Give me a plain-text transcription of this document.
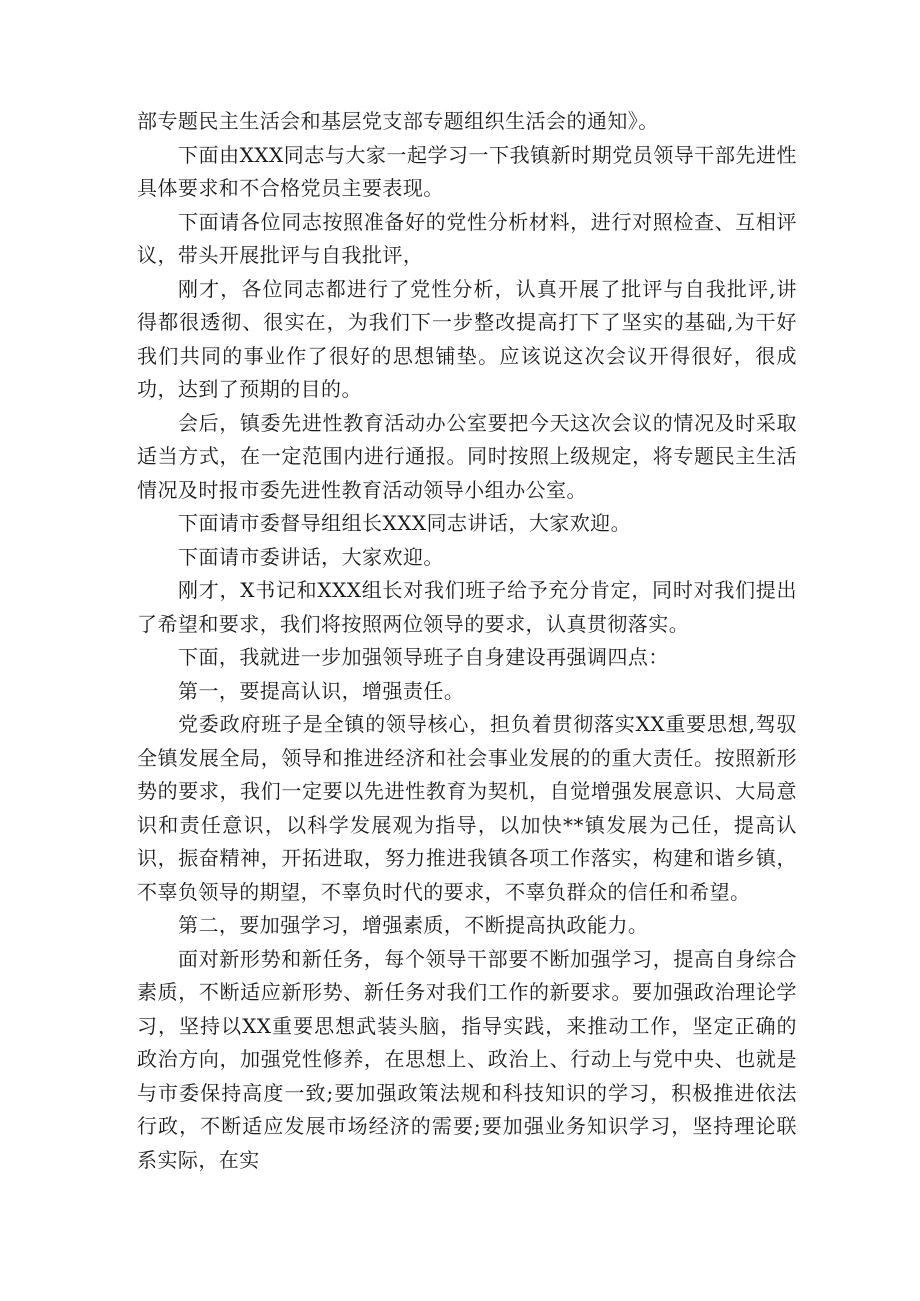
部专题民主生活会和基层党支部专题组织生活会的通知》。

下面由XXX同志与大家一起学习一下我镇新时期党员领导干部先进性具体要求和不合格党员主要表现。

下面请各位同志按照准备好的党性分析材料，进行对照检查、互相评议，带头开展批评与自我批评，

刚才，各位同志都进行了党性分析，认真开展了批评与自我批评,讲得都很透彻、很实在，为我们下一步整改提高打下了坚实的基础,为干好我们共同的事业作了很好的思想铺垫。应该说这次会议开得很好，很成功，达到了预期的目的。

会后，镇委先进性教育活动办公室要把今天这次会议的情况及时采取适当方式，在一定范围内进行通报。同时按照上级规定，将专题民主生活情况及时报市委先进性教育活动领导小组办公室。

下面请市委督导组组长XXX同志讲话，大家欢迎。

下面请市委讲话，大家欢迎。

刚才，X书记和XXX组长对我们班子给予充分肯定，同时对我们提出了希望和要求，我们将按照两位领导的要求，认真贯彻落实。

下面，我就进一步加强领导班子自身建设再强调四点：

第一，要提高认识，增强责任。

党委政府班子是全镇的领导核心，担负着贯彻落实XX重要思想,驾驭全镇发展全局，领导和推进经济和社会事业发展的的重大责任。按照新形势的要求，我们一定要以先进性教育为契机，自觉增强发展意识、大局意识和责任意识，以科学发展观为指导，以加快**镇发展为己任，提高认识，振奋精神，开拓进取，努力推进我镇各项工作落实，构建和谐乡镇，不辜负领导的期望，不辜负时代的要求，不辜负群众的信任和希望。

第二，要加强学习，增强素质，不断提高执政能力。

面对新形势和新任务，每个领导干部要不断加强学习，提高自身综合素质，不断适应新形势、新任务对我们工作的新要求。要加强政治理论学习，坚持以XX重要思想武装头脑，指导实践，来推动工作，坚定正确的政治方向，加强党性修养，在思想上、政治上、行动上与党中央、也就是与市委保持高度一致;要加强政策法规和科技知识的学习，积极推进依法行政，不断适应发展市场经济的需要;要加强业务知识学习，坚持理论联系实际，在实
